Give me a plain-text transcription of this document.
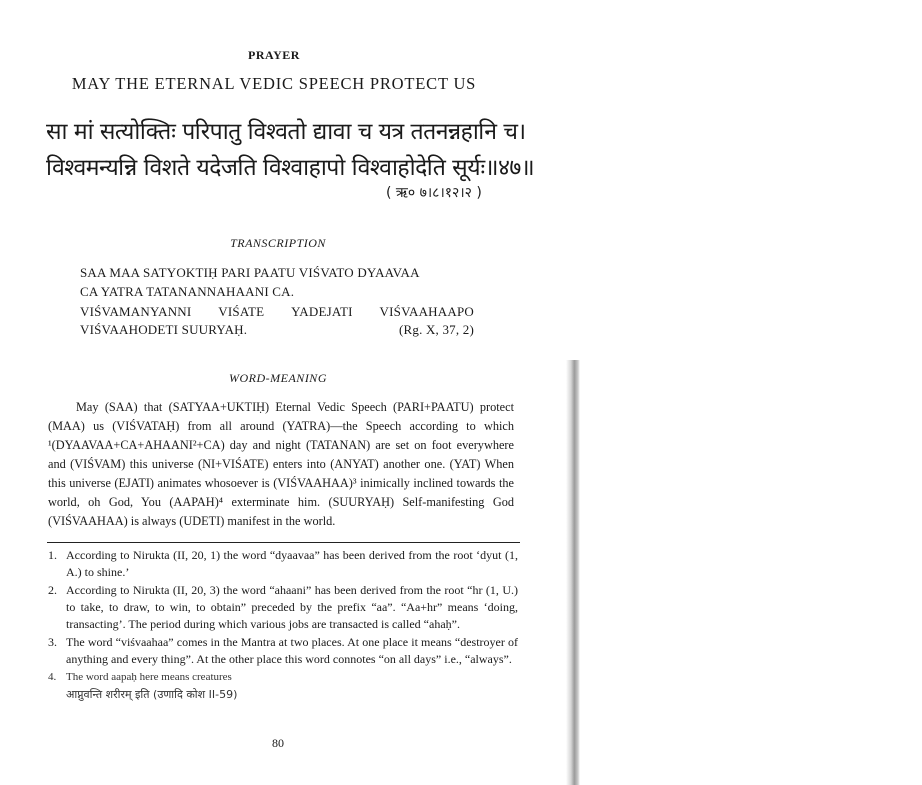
PRAYER
MAY THE ETERNAL VEDIC SPEECH PROTECT US
सा मां सत्योक्तिः परिपातु विश्वतो द्यावा च यत्र ततनन्नहानि च।
विश्वमन्यन्नि विशते यदेजति विश्वाहापो विश्वाहोदेति सूर्यः॥४७॥
( ऋ० ७।८।१२।२ )
TRANSCRIPTION
SAA MAA SATYOKTIḤ PARI PAATU VIŚVATO DYAAVAA
CA YATRA TATANANNAHAANI CA.
VIŚVAMANYANNI VIŚATE YADEJATI VIŚVAAHAAPO
VIŚVAAHODETI SUURYAḤ.	(Rg. X, 37, 2)
WORD-MEANING

May (SAA) that (SATYAA+UKTIḤ) Eternal Vedic Speech (PARI+PAATU) protect (MAA) us (VIŚVATAḤ) from all around (YATRA)—the Speech according to which ¹(DYAAVAA+CA+AHAANI²+CA) day and night (TATANAN) are set on foot everywhere and (VIŚVAM) this universe (NI+VIŚATE) enters into (ANYAT) another one. (YAT) When this universe (EJATI) animates whosoever is (VIŚVAAHAA)³ inimically inclined towards the world, oh God, You (AAPAH)⁴ exterminate him. (SUURYAḤ) Self-manifesting God (VIŚVAAHAA) is always (UDETI) manifest in the world.

1. According to Nirukta (II, 20, 1) the word “dyaavaa” has been derived from the root ‘dyut (1, A.) to shine.’
2. According to Nirukta (II, 20, 3) the word “ahaani” has been derived from the root “hr (1, U.) to take, to draw, to win, to obtain” preceded by the prefix “aa”. “Aa+hr” means ‘doing, transacting’. The period during which various jobs are transacted is called “ahaḥ”.
3. The word “viśvaahaa” comes in the Mantra at two places. At one place it means “destroyer of anything and every thing”. At the other place this word connotes “on all days” i.e., “always”.
4. The word aapaḥ here means creatures
आप्नुवन्ति शरीरम् इति (उणादि कोश II-59)
80
